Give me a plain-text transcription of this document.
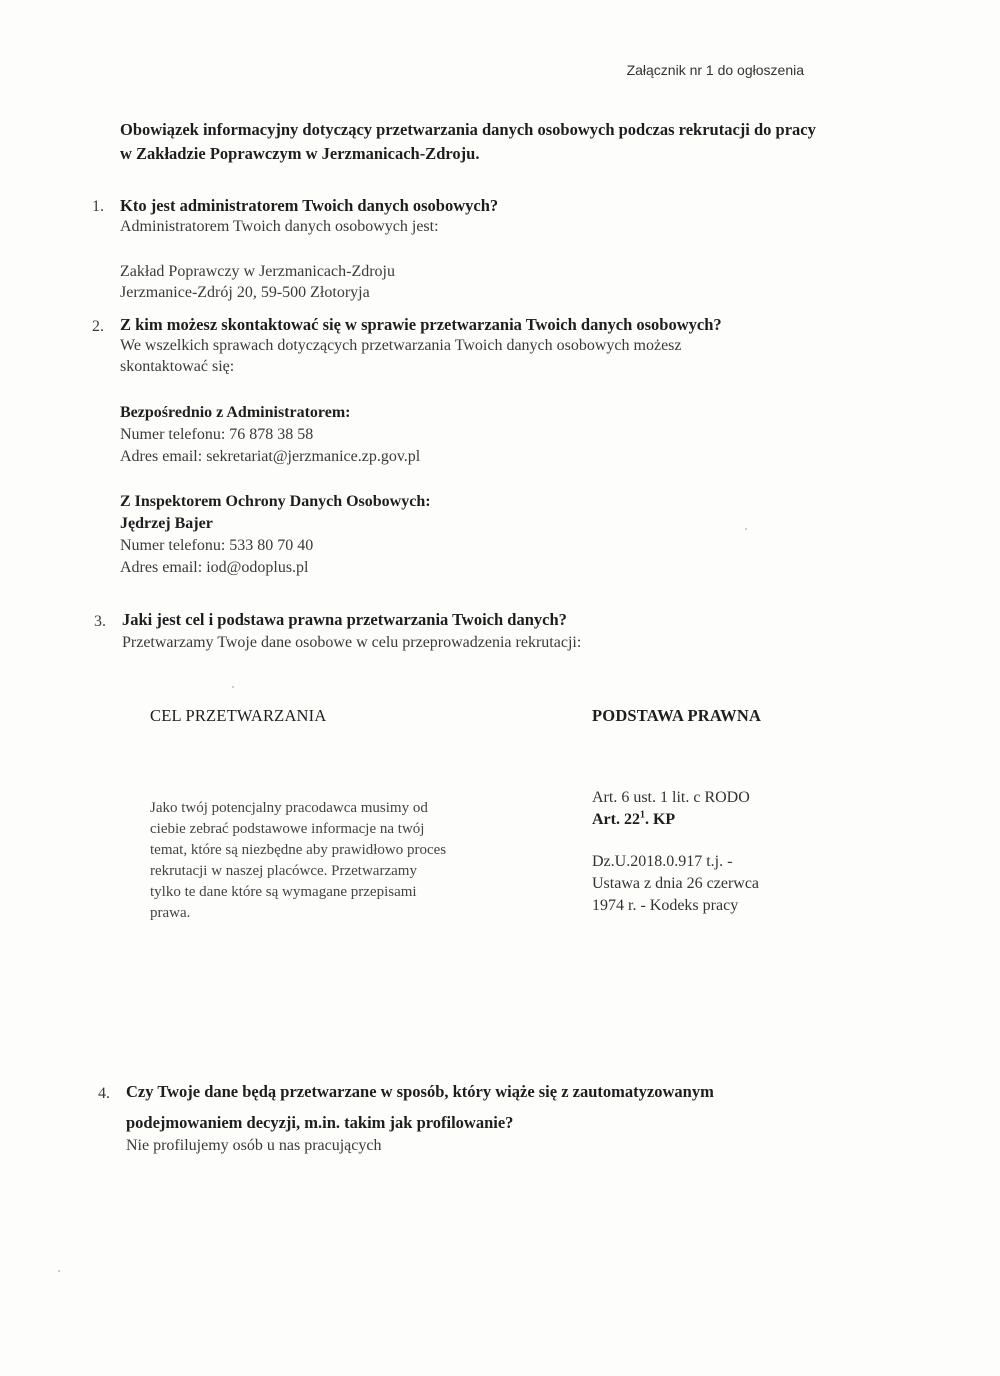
Załącznik nr 1 do ogłoszenia
Obowiązek informacyjny dotyczący przetwarzania danych osobowych podczas rekrutacji do pracy w Zakładzie Poprawczym w Jerzmanicach-Zdroju.
1. Kto jest administratorem Twoich danych osobowych?
Administratorem Twoich danych osobowych jest:
Zakład Poprawczy w Jerzmanicach-Zdroju
Jerzmanice-Zdrój 20, 59-500 Złotoryja
2. Z kim możesz skontaktować się w sprawie przetwarzania Twoich danych osobowych?
We wszelkich sprawach dotyczących przetwarzania Twoich danych osobowych możesz
skontaktować się:
Bezpośrednio z Administratorem:
Numer telefonu: 76 878 38 58
Adres email: sekretariat@jerzmanice.zp.gov.pl
Z Inspektorem Ochrony Danych Osobowych:
Jędrzej Bajer
Numer telefonu: 533 80 70 40
Adres email: iod@odoplus.pl
3. Jaki jest cel i podstawa prawna przetwarzania Twoich danych?
Przetwarzamy Twoje dane osobowe w celu przeprowadzenia rekrutacji:
CEL PRZETWARZANIA	PODSTAWA PRAWNA
Jako twój potencjalny pracodawca musimy od
ciebie zebrać podstawowe informacje na twój
temat, które są niezbędne aby prawidłowo proces
rekrutacji w naszej placówce. Przetwarzamy
tylko te dane które są wymagane przepisami
prawa.
Art. 6 ust. 1 lit. c RODO
Art. $22^1$. KP
Dz.U.2018.0.917 t.j. -
Ustawa z dnia 26 czerwca
1974 r. - Kodeks pracy
4. Czy Twoje dane będą przetwarzane w sposób, który wiąże się z zautomatyzowanym
podejmowaniem decyzji, m.in. takim jak profilowanie?
Nie profilujemy osób u nas pracujących
